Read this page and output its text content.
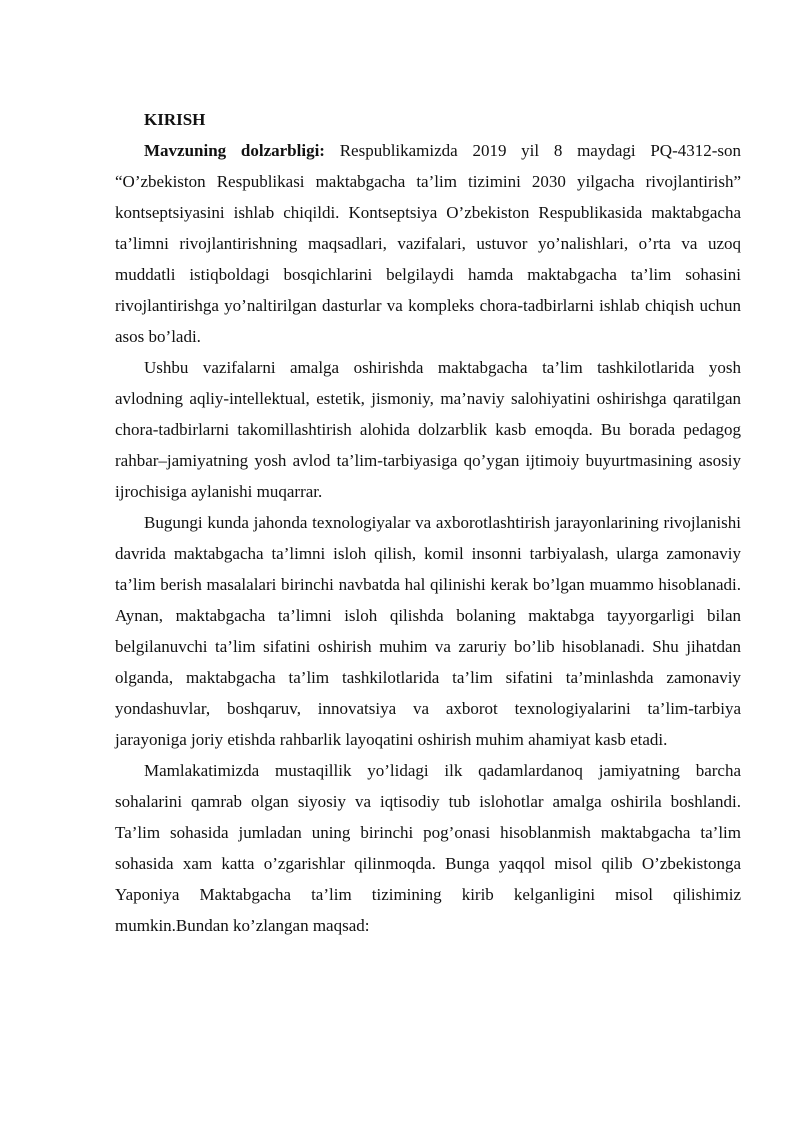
KIRISH

Mavzuning dolzarbligi: Respublikamizda 2019 yil 8 maydagi PQ-4312-son “O’zbekiston Respublikasi maktabgacha ta’lim tizimini 2030 yilgacha rivojlantirish” kontseptsiyasini ishlab chiqildi. Kontseptsiya O’zbekiston Respublikasida maktabgacha ta’limni rivojlantirishning maqsadlari, vazifalari, ustuvor yo’nalishlari, o’rta va uzoq muddatli istiqboldagi bosqichlarini belgilaydi hamda maktabgacha ta’lim sohasini rivojlantirishga yo’naltirilgan dasturlar va kompleks chora-tadbirlarni ishlab chiqish uchun asos bo’ladi.

Ushbu vazifalarni amalga oshirishda maktabgacha ta’lim tashkilotlarida yosh avlodning aqliy-intellektual, estetik, jismoniy, ma’naviy salohiyatini oshirishga qaratilgan chora-tadbirlarni takomillashtirish alohida dolzarblik kasb emoqda. Bu borada pedagog rahbar–jamiyatning yosh avlod ta’lim-tarbiyasiga qo’ygan ijtimoiy buyurtmasining asosiy ijrochisiga aylanishi muqarrar.

Bugungi kunda jahonda texnologiyalar va axborotlashtirish jarayonlarining rivojlanishi davrida maktabgacha ta’limni isloh qilish, komil insonni tarbiyalash, ularga zamonaviy ta’lim berish masalalari birinchi navbatda hal qilinishi kerak bo’lgan muammo hisoblanadi. Aynan, maktabgacha ta’limni isloh qilishda bolaning maktabga tayyorgarligi bilan belgilanuvchi ta’lim sifatini oshirish muhim va zaruriy bo’lib hisoblanadi. Shu jihatdan olganda, maktabgacha ta’lim tashkilotlarida ta’lim sifatini ta’minlashda zamonaviy yondashuvlar, boshqaruv, innovatsiya va axborot texnologiyalarini ta’lim-tarbiya jarayoniga joriy etishda rahbarlik layoqatini oshirish muhim ahamiyat kasb etadi.

Mamlakatimizda mustaqillik yo’lidagi ilk qadamlardanoq jamiyatning barcha sohalarini qamrab olgan siyosiy va iqtisodiy tub islohotlar amalga oshirila boshlandi. Ta’lim sohasida jumladan uning birinchi pog’onasi hisoblanmish maktabgacha ta’lim sohasida xam katta o’zgarishlar qilinmoqda. Bunga yaqqol misol qilib O’zbekistonga Yaponiya Maktabgacha ta’lim tizimining kirib kelganligini misol qilishimiz mumkin.Bundan ko’zlangan maqsad:
